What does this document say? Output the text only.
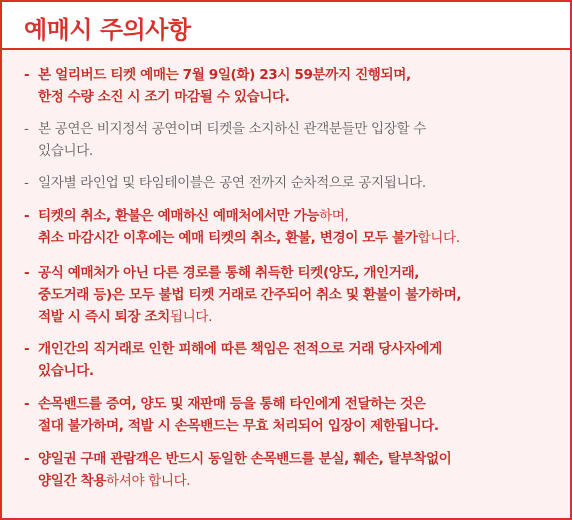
예매시 주의사항
- 본 얼리버드 티켓 예매는 7월 9일(화) 23시 59분까지 진행되며,
한정 수량 소진 시 조기 마감될 수 있습니다.
- 본 공연은 비지정석 공연이며 티켓을 소지하신 관객분들만 입장할 수
있습니다.
- 일자별 라인업 및 타임테이블은 공연 전까지 순차적으로 공지됩니다.
- 티켓의 취소, 환불은 예매하신 예매처에서만 가능하며,
취소 마감시간 이후에는 예매 티켓의 취소, 환불, 변경이 모두 불가합니다.
- 공식 예매처가 아닌 다른 경로를 통해 취득한 티켓(양도, 개인거래,
중도거래 등)은 모두 불법 티켓 거래로 간주되어 취소 및 환불이 불가하며,
적발 시 즉시 퇴장 조치됩니다.
- 개인간의 직거래로 인한 피해에 따른 책임은 전적으로 거래 당사자에게
있습니다.
- 손목밴드를 증여, 양도 및 재판매 등을 통해 타인에게 전달하는 것은
절대 불가하며, 적발 시 손목밴드는 무효 처리되어 입장이 제한됩니다.
- 양일권 구매 관람객은 반드시 동일한 손목밴드를 분실, 훼손, 탈부착없이
양일간 착용하셔야 합니다.
